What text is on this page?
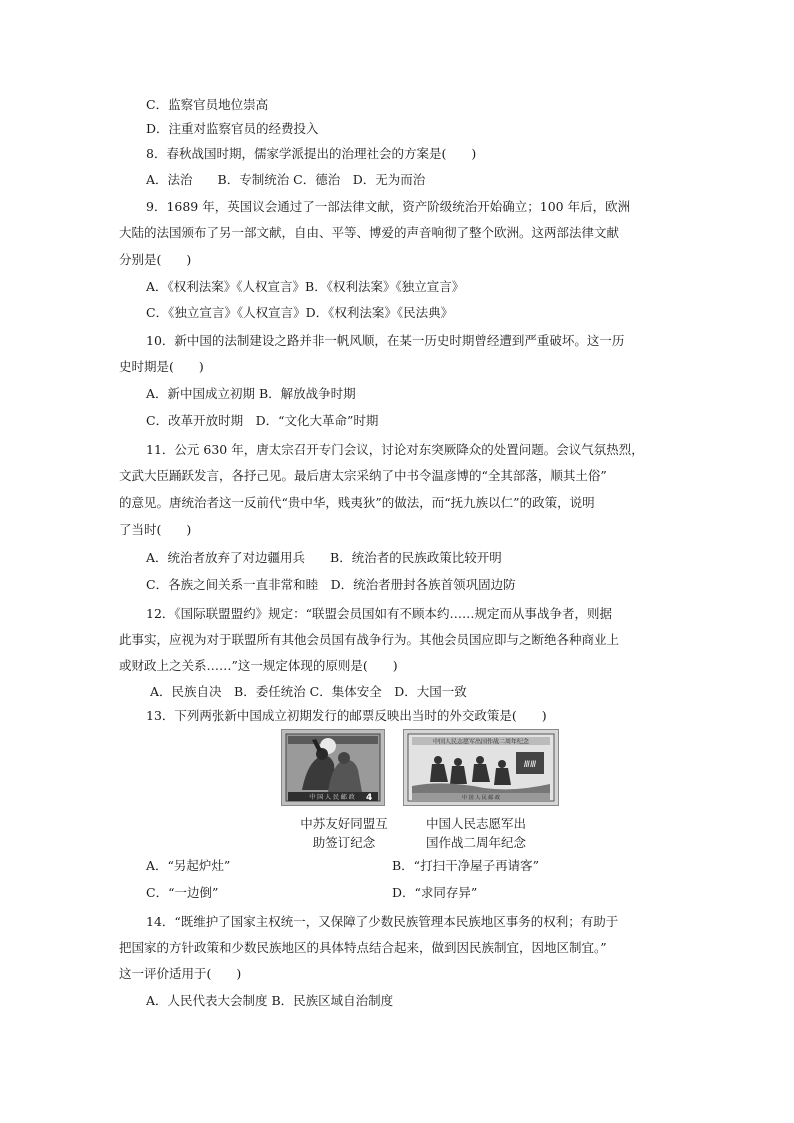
C．监察官员地位崇高
D．注重对监察官员的经费投入
8．春秋战国时期，儒家学派提出的治理社会的方案是(　　)
A．法治　　B．专制统治 C．德治　D．无为而治
9．1689 年，英国议会通过了一部法律文献，资产阶级统治开始确立；100 年后，欧洲
大陆的法国颁布了另一部文献，自由、平等、博爱的声音响彻了整个欧洲。这两部法律文献
分别是(　　)
A．《权利法案》《人权宣言》B．《权利法案》《独立宣言》
C．《独立宣言》《人权宣言》D．《权利法案》《民法典》
10．新中国的法制建设之路并非一帆风顺，在某一历史时期曾经遭到严重破坏。这一历
史时期是(　　)
A．新中国成立初期 B．解放战争时期
C．改革开放时期　D．“文化大革命”时期
11．公元 630 年，唐太宗召开专门会议，讨论对东突厥降众的处置问题。会议气氛热烈，
文武大臣踊跃发言，各抒己见。最后唐太宗采纳了中书令温彦博的“全其部落，顺其土俗”
的意见。唐统治者这一反前代“贵中华，贱夷狄”的做法，而“抚九族以仁”的政策，说明
了当时(　　)
A．统治者放弃了对边疆用兵　　B．统治者的民族政策比较开明
C．各族之间关系一直非常和睦　D．统治者册封各族首领巩固边防
12．《国际联盟盟约》规定：“联盟会员国如有不顾本约……规定而从事战争者，则据
此事实，应视为对于联盟所有其他会员国有战争行为。其他会员国应即与之断绝各种商业上
或财政上之关系……”这一规定体现的原则是(　　)
A．民族自决　B．委任统治 C．集体安全　D．大国一致
13．下列两张新中国成立初期发行的邮票反映出当时的外交政策是(　　)
中 国 人 民 邮 政 4
中国人民志愿军出国作战二周年纪念
ⅢⅢ
中 国 人 民 邮 政
中苏友好同盟互
助签订纪念
中国人民志愿军出
国作战二周年纪念
A．“另起炉灶”	B．“打扫干净屋子再请客”
C．“一边倒”	D．“求同存异”
14．“既维护了国家主权统一，又保障了少数民族管理本民族地区事务的权利；有助于
把国家的方针政策和少数民族地区的具体特点结合起来，做到因民族制宜，因地区制宜。”
这一评价适用于(　　)
A．人民代表大会制度 B．民族区域自治制度
